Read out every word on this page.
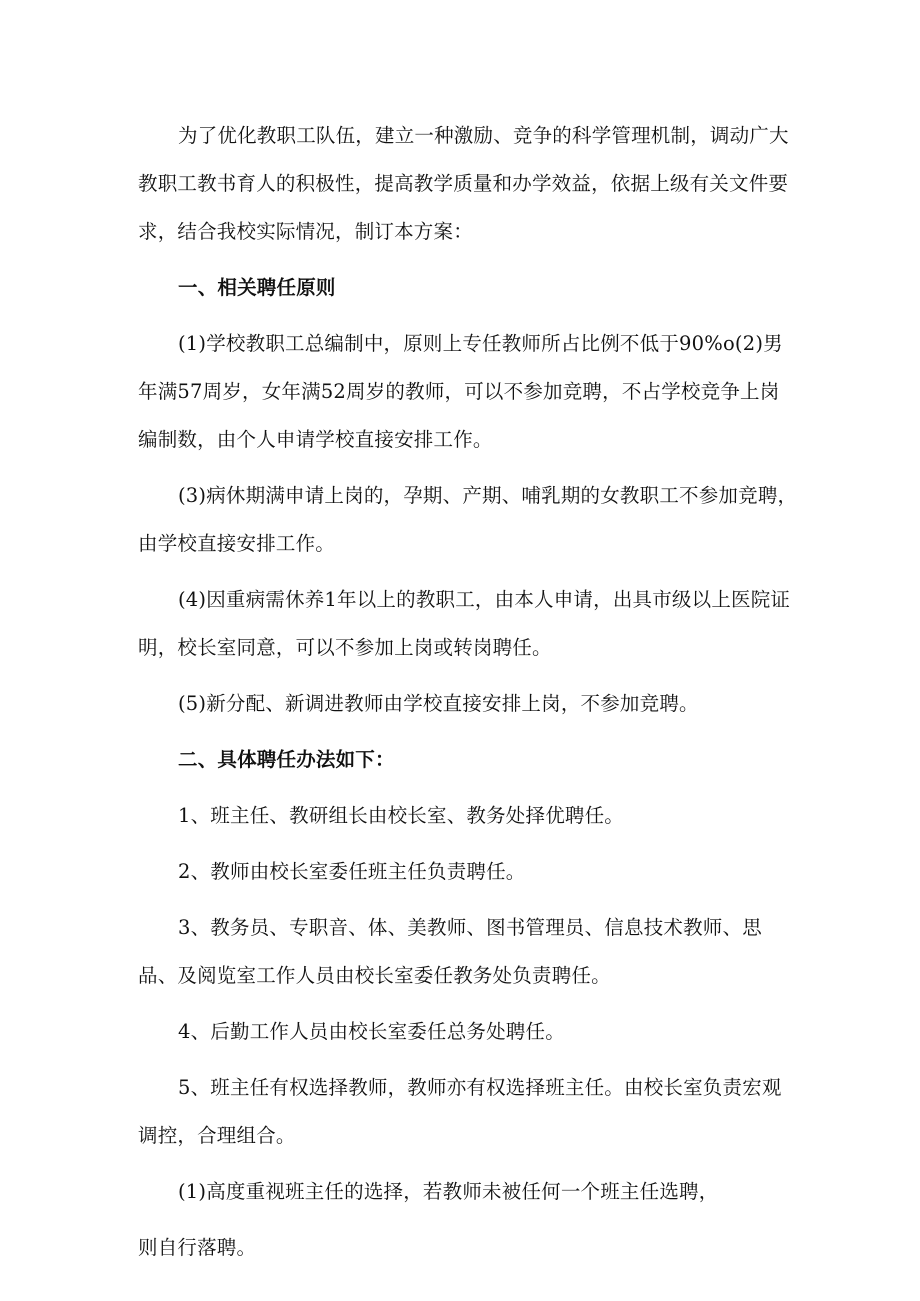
为了优化教职工队伍，建立一种激励、竞争的科学管理机制，调动广大教职工教书育人的积极性，提高教学质量和办学效益，依据上级有关文件要求，结合我校实际情况，制订本方案：

一、相关聘任原则

(1)学校教职工总编制中，原则上专任教师所占比例不低于90%o(2)男年满57周岁，女年满52周岁的教师，可以不参加竞聘，不占学校竞争上岗编制数，由个人申请学校直接安排工作。

(3)病休期满申请上岗的，孕期、产期、哺乳期的女教职工不参加竞聘，由学校直接安排工作。

(4)因重病需休养1年以上的教职工，由本人申请，出具市级以上医院证明，校长室同意，可以不参加上岗或转岗聘任。

(5)新分配、新调进教师由学校直接安排上岗，不参加竞聘。

二、具体聘任办法如下：

1、班主任、教研组长由校长室、教务处择优聘任。

2、教师由校长室委任班主任负责聘任。

3、教务员、专职音、体、美教师、图书管理员、信息技术教师、思品、及阅览室工作人员由校长室委任教务处负责聘任。

4、后勤工作人员由校长室委任总务处聘任。

5、班主任有权选择教师，教师亦有权选择班主任。由校长室负责宏观调控，合理组合。

(1)高度重视班主任的选择，若教师未被任何一个班主任选聘，

则自行落聘。
